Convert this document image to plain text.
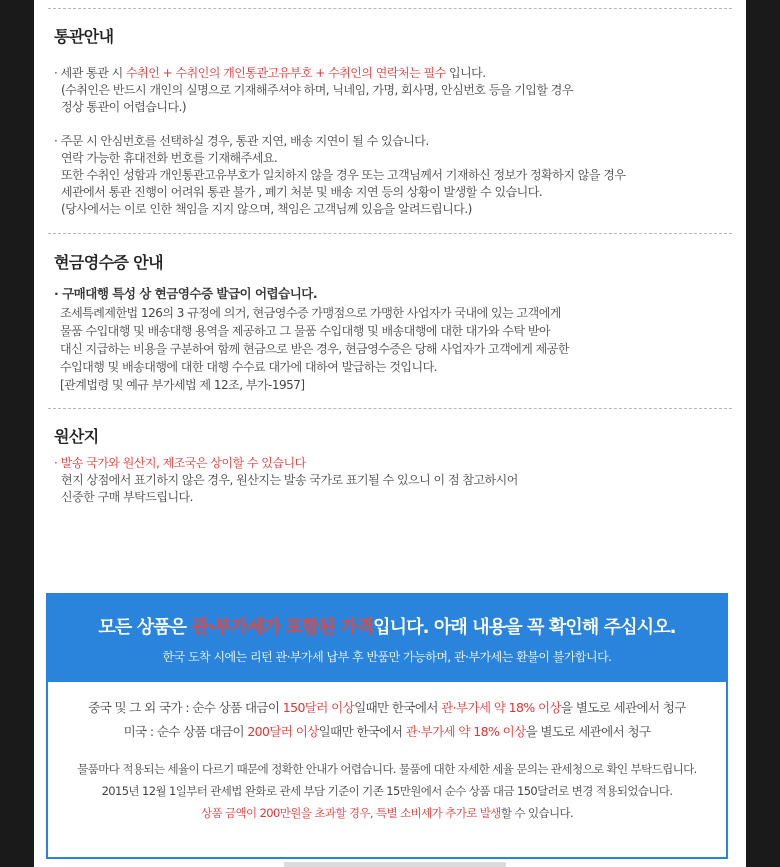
통관안내
· 세관 통관 시 수취인 + 수취인의 개인통관고유부호 + 수취인의 연락처는 필수 입니다.
(수취인은 반드시 개인의 실명으로 기재해주셔야 하며, 닉네임, 가명, 회사명, 안심번호 등을 기입할 경우
정상 통관이 어렵습니다.)
· 주문 시 안심번호를 선택하실 경우, 통관 지연, 배송 지연이 될 수 있습니다.
연락 가능한 휴대전화 번호를 기재해주세요.
또한 수취인 성함과 개인통관고유부호가 일치하지 않을 경우 또는 고객님께서 기재하신 정보가 정확하지 않을 경우
세관에서 통관 진행이 어려워 통관 불가 , 폐기 처분 및 배송 지연 등의 상황이 발생할 수 있습니다.
(당사에서는 이로 인한 책임을 지지 않으며, 책임은 고객님께 있음을 알려드립니다.)
현금영수증 안내
· 구매대행 특성 상 현금영수증 발급이 어렵습니다.
조세특례제한법 126의 3 규정에 의거, 현금영수증 가맹점으로 가맹한 사업자가 국내에 있는 고객에게
물품 수입대행 및 배송대행 용역을 제공하고 그 물품 수입대행 및 배송대행에 대한 대가와 수탁 받아
대신 지급하는 비용을 구분하여 함께 현금으로 받은 경우, 현금영수증은 당해 사업자가 고객에게 제공한
수입대행 및 배송대행에 대한 대행 수수료 대가에 대하여 발급하는 것입니다.
[관계법령 및 예규 부가세법 제 12조, 부가-1957]
원산지
· 발송 국가와 원산지, 제조국은 상이할 수 있습니다
현지 상점에서 표기하지 않은 경우, 원산지는 발송 국가로 표기될 수 있으니 이 점 참고하시어
신중한 구매 부탁드립니다.
모든 상품은 관·부가세가 포함된 가격입니다. 아래 내용을 꼭 확인해 주십시오.
한국 도착 시에는 리턴 관·부가세 납부 후 반품만 가능하며, 관·부가세는 환불이 불가합니다.
중국 및 그 외 국가 : 순수 상품 대금이 150달러 이상일때만 한국에서 관·부가세 약 18% 이상을 별도로 세관에서 청구
미국 : 순수 상품 대금이 200달러 이상일때만 한국에서 관·부가세 약 18% 이상을 별도로 세관에서 청구
물품마다 적용되는 세율이 다르기 때문에 정확한 안내가 어렵습니다. 물품에 대한 자세한 세율 문의는 관세청으로 확인 부탁드립니다.
2015년 12월 1일부터 관세법 완화로 관세 부담 기준이 기존 15만원에서 순수 상품 대금 150달러로 변경 적용되었습니다.
상품 금액이 200만원을 초과할 경우, 특별 소비세가 추가로 발생할 수 있습니다.
